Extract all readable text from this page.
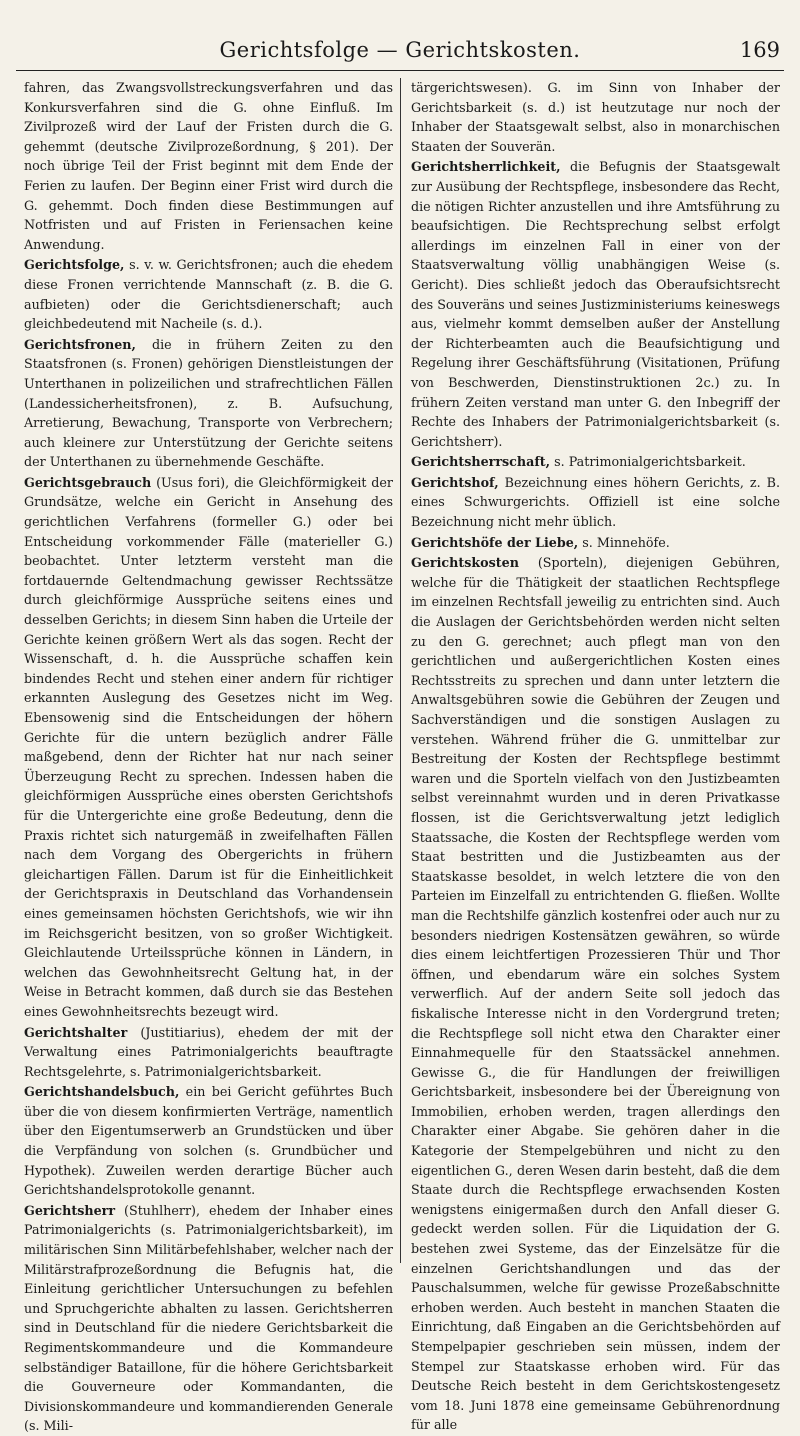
Gerichtsfolge — Gerichtskosten.	169

fahren, das Zwangsvollstreckungsverfahren und das Konkursverfahren sind die G. ohne Einfluß. Im Zivilprozeß wird der Lauf der Fristen durch die G. gehemmt (deutsche Zivilprozeßordnung, § 201). Der noch übrige Teil der Frist beginnt mit dem Ende der Ferien zu laufen. Der Beginn einer Frist wird durch die G. gehemmt. Doch finden diese Bestimmungen auf Notfristen und auf Fristen in Feriensachen keine Anwendung.

Gerichtsfolge, s. v. w. Gerichtsfronen; auch die ehedem diese Fronen verrichtende Mannschaft (z. B. die G. aufbieten) oder die Gerichtsdienerschaft; auch gleichbedeutend mit Nacheile (s. d.).

Gerichtsfronen, die in frühern Zeiten zu den Staatsfronen (s. Fronen) gehörigen Dienstleistungen der Unterthanen in polizeilichen und strafrechtlichen Fällen (Landessicherheitsfronen), z. B. Aufsuchung, Arretierung, Bewachung, Transporte von Verbrechern; auch kleinere zur Unterstützung der Gerichte seitens der Unterthanen zu übernehmende Geschäfte.

Gerichtsgebrauch (Usus fori), die Gleichförmigkeit der Grundsätze, welche ein Gericht in Ansehung des gerichtlichen Verfahrens (formeller G.) oder bei Entscheidung vorkommender Fälle (materieller G.) beobachtet. Unter letzterm versteht man die fortdauernde Geltendmachung gewisser Rechtssätze durch gleichförmige Aussprüche seitens eines und desselben Gerichts; in diesem Sinn haben die Urteile der Gerichte keinen größern Wert als das sogen. Recht der Wissenschaft, d. h. die Aussprüche schaffen kein bindendes Recht und stehen einer andern für richtiger erkannten Auslegung des Gesetzes nicht im Weg. Ebensowenig sind die Entscheidungen der höhern Gerichte für die untern bezüglich andrer Fälle maßgebend, denn der Richter hat nur nach seiner Überzeugung Recht zu sprechen. Indessen haben die gleichförmigen Aussprüche eines obersten Gerichtshofs für die Untergerichte eine große Bedeutung, denn die Praxis richtet sich naturgemäß in zweifelhaften Fällen nach dem Vorgang des Obergerichts in frühern gleichartigen Fällen. Darum ist für die Einheitlichkeit der Gerichtspraxis in Deutschland das Vorhandensein eines gemeinsamen höchsten Gerichtshofs, wie wir ihn im Reichsgericht besitzen, von so großer Wichtigkeit. Gleichlautende Urteilssprüche können in Ländern, in welchen das Gewohnheitsrecht Geltung hat, in der Weise in Betracht kommen, daß durch sie das Bestehen eines Gewohnheitsrechts bezeugt wird.

Gerichtshalter (Justitiarius), ehedem der mit der Verwaltung eines Patrimonialgerichts beauftragte Rechtsgelehrte, s. Patrimonialgerichtsbarkeit.

Gerichtshandelsbuch, ein bei Gericht geführtes Buch über die von diesem konfirmierten Verträge, namentlich über den Eigentumserwerb an Grundstücken und über die Verpfändung von solchen (s. Grundbücher und Hypothek). Zuweilen werden derartige Bücher auch Gerichtshandelsprotokolle genannt.

Gerichtsherr (Stuhlherr), ehedem der Inhaber eines Patrimonialgerichts (s. Patrimonialgerichtsbarkeit), im militärischen Sinn Militärbefehlshaber, welcher nach der Militärstrafprozeßordnung die Befugnis hat, die Einleitung gerichtlicher Untersuchungen zu befehlen und Spruchgerichte abhalten zu lassen. Gerichtsherren sind in Deutschland für die niedere Gerichtsbarkeit die Regimentskommandeure und die Kommandeure selbständiger Bataillone, für die höhere Gerichtsbarkeit die Gouverneure oder Kommandanten, die Divisionskommandeure und kommandierenden Generale (s. Mili-

tärgerichtswesen). G. im Sinn von Inhaber der Gerichtsbarkeit (s. d.) ist heutzutage nur noch der Inhaber der Staatsgewalt selbst, also in monarchischen Staaten der Souverän.

Gerichtsherrlichkeit, die Befugnis der Staatsgewalt zur Ausübung der Rechtspflege, insbesondere das Recht, die nötigen Richter anzustellen und ihre Amtsführung zu beaufsichtigen. Die Rechtsprechung selbst erfolgt allerdings im einzelnen Fall in einer von der Staatsverwaltung völlig unabhängigen Weise (s. Gericht). Dies schließt jedoch das Oberaufsichtsrecht des Souveräns und seines Justizministeriums keineswegs aus, vielmehr kommt demselben außer der Anstellung der Richterbeamten auch die Beaufsichtigung und Regelung ihrer Geschäftsführung (Visitationen, Prüfung von Beschwerden, Dienstinstruktionen 2c.) zu. In frühern Zeiten verstand man unter G. den Inbegriff der Rechte des Inhabers der Patrimonialgerichtsbarkeit (s. Gerichtsherr).

Gerichtsherrschaft, s. Patrimonialgerichtsbarkeit.

Gerichtshof, Bezeichnung eines höhern Gerichts, z. B. eines Schwurgerichts. Offiziell ist eine solche Bezeichnung nicht mehr üblich.

Gerichtshöfe der Liebe, s. Minnehöfe.

Gerichtskosten (Sporteln), diejenigen Gebühren, welche für die Thätigkeit der staatlichen Rechtspflege im einzelnen Rechtsfall jeweilig zu entrichten sind. Auch die Auslagen der Gerichtsbehörden werden nicht selten zu den G. gerechnet; auch pflegt man von den gerichtlichen und außergerichtlichen Kosten eines Rechtsstreits zu sprechen und dann unter letztern die Anwaltsgebühren sowie die Gebühren der Zeugen und Sachverständigen und die sonstigen Auslagen zu verstehen. Während früher die G. unmittelbar zur Bestreitung der Kosten der Rechtspflege bestimmt waren und die Sporteln vielfach von den Justizbeamten selbst vereinnahmt wurden und in deren Privatkasse flossen, ist die Gerichtsverwaltung jetzt lediglich Staatssache, die Kosten der Rechtspflege werden vom Staat bestritten und die Justizbeamten aus der Staatskasse besoldet, in welch letztere die von den Parteien im Einzelfall zu entrichtenden G. fließen. Wollte man die Rechtshilfe gänzlich kostenfrei oder auch nur zu besonders niedrigen Kostensätzen gewähren, so würde dies einem leichtfertigen Prozessieren Thür und Thor öffnen, und ebendarum wäre ein solches System verwerflich. Auf der andern Seite soll jedoch das fiskalische Interesse nicht in den Vordergrund treten; die Rechtspflege soll nicht etwa den Charakter einer Einnahmequelle für den Staatssäckel annehmen. Gewisse G., die für Handlungen der freiwilligen Gerichtsbarkeit, insbesondere bei der Übereignung von Immobilien, erhoben werden, tragen allerdings den Charakter einer Abgabe. Sie gehören daher in die Kategorie der Stempelgebühren und nicht zu den eigentlichen G., deren Wesen darin besteht, daß die dem Staate durch die Rechtspflege erwachsenden Kosten wenigstens einigermaßen durch den Anfall dieser G. gedeckt werden sollen. Für die Liquidation der G. bestehen zwei Systeme, das der Einzelsätze für die einzelnen Gerichtshandlungen und das der Pauschalsummen, welche für gewisse Prozeßabschnitte erhoben werden. Auch besteht in manchen Staaten die Einrichtung, daß Eingaben an die Gerichtsbehörden auf Stempelpapier geschrieben sein müssen, indem der Stempel zur Staatskasse erhoben wird. Für das Deutsche Reich besteht in dem Gerichtskostengesetz vom 18. Juni 1878 eine gemeinsame Gebührenordnung für alle
